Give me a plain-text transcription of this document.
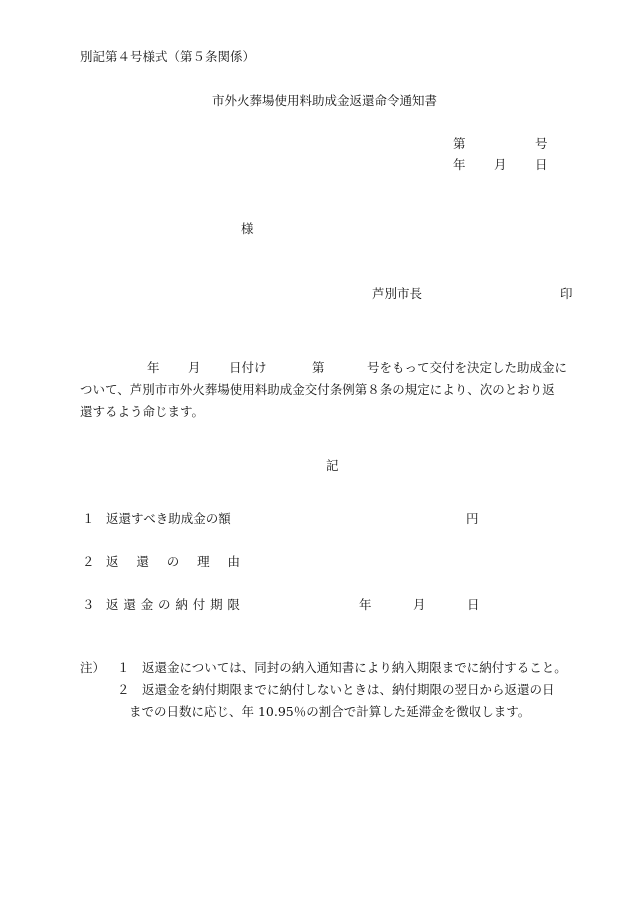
別記第４号様式（第５条関係）
市外火葬場使用料助成金返還命令通知書
第	号
年 月 日
様
芦別市長	印
年 月 日付け	第	号をもって交付を決定した助成金に
ついて、芦別市市外火葬場使用料助成金交付条例第８条の規定により、次のとおり返
還するよう命じます。
記
１ 返還すべき助成金の額	円
２ 返 還 の 理 由
３ 返 還 金 の 納 付 期 限	年	月	日
注） １ 返還金については、同封の納入通知書により納入期限までに納付すること。
２ 返還金を納付期限までに納付しないときは、納付期限の翌日から返還の日
までの日数に応じ、年 10.95％の割合で計算した延滞金を徴収します。
